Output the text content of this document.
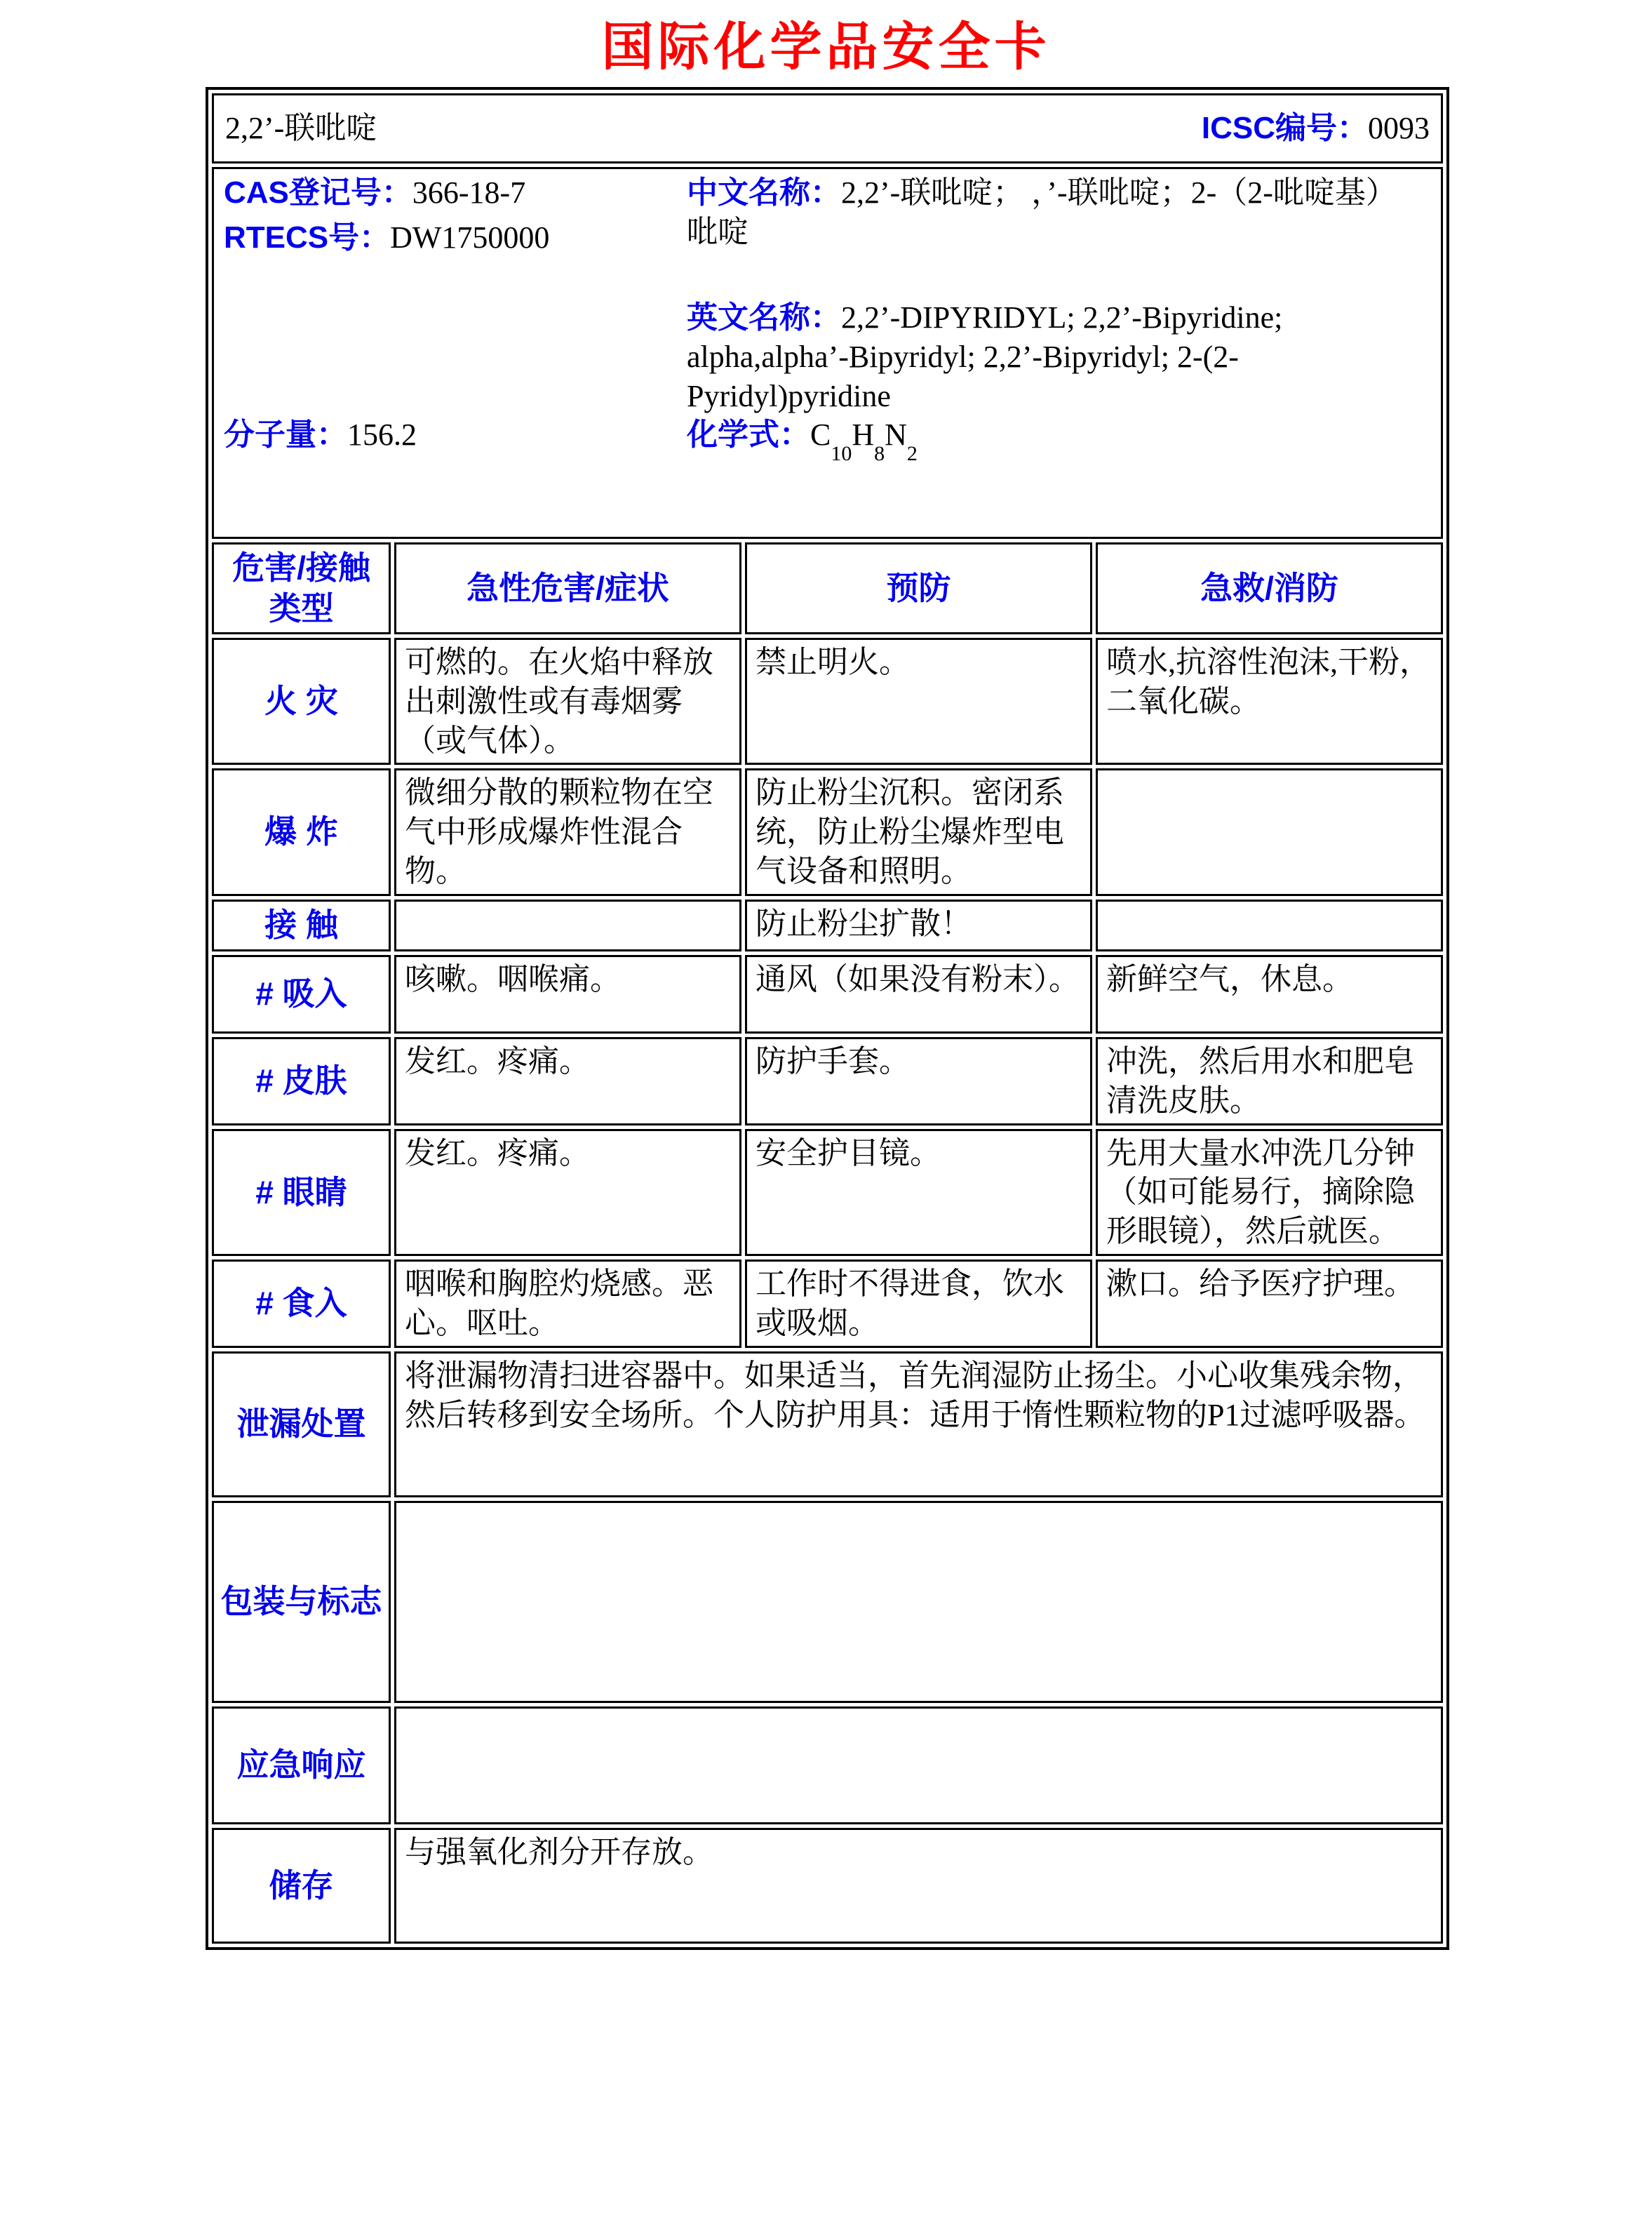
国际化学品安全卡
2,2’-联吡啶 ICSC编号：0093			

CAS登记号：366-18-7

RTECS号：DW1750000

中文名称：2,2’-联吡啶； ，’-联吡啶；2-（2-吡啶基）吡啶

英文名称：2,2’-DIPYRIDYL; 2,2’-Bipyridine; alpha,alpha’-Bipyridyl; 2,2’-Bipyridyl; 2-(2-Pyridyl)pyridine

分子量：156.2	化学式：$C_{10}H_8N_2$

危害/接触 类型	急性危害/症状	预防	急救/消防
火 灾	可燃的。在火焰中释放出刺激性或有毒烟雾（或气体）。	禁止明火。	喷水,抗溶性泡沫,干粉，二氧化碳。
爆 炸	微细分散的颗粒物在空气中形成爆炸性混合物。	防止粉尘沉积。密闭系统，防止粉尘爆炸型电气设备和照明。	
接 触		防止粉尘扩散！	
# 吸入	咳嗽。咽喉痛。	通风（如果没有粉末）。	新鲜空气，休息。
# 皮肤	发红。疼痛。	防护手套。	冲洗，然后用水和肥皂清洗皮肤。
# 眼睛	发红。疼痛。	安全护目镜。	先用大量水冲洗几分钟（如可能易行，摘除隐形眼镜），然后就医。
# 食入	咽喉和胸腔灼烧感。恶心。呕吐。	工作时不得进食，饮水或吸烟。	漱口。给予医疗护理。
泄漏处置	将泄漏物清扫进容器中。如果适当，首先润湿防止扬尘。小心收集残余物，然后转移到安全场所。个人防护用具：适用于惰性颗粒物的P1过滤呼吸器。		
包装与标志			
应急响应			
储存	与强氧化剂分开存放。		
